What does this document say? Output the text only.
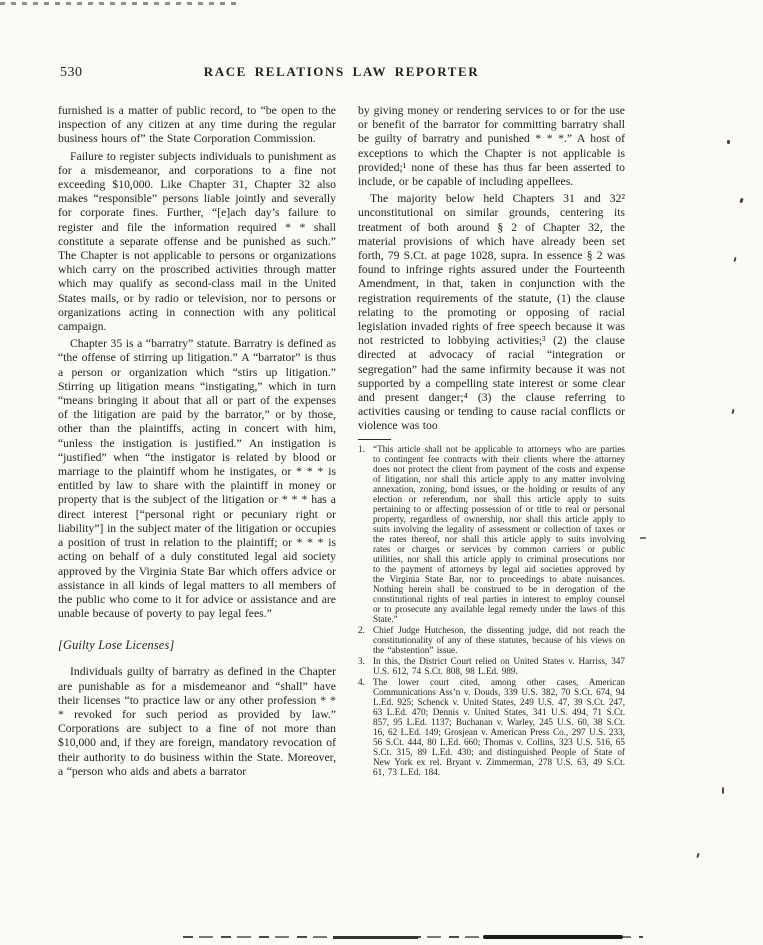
530	RACE RELATIONS LAW REPORTER

furnished is a matter of public record, to “be open to the inspection of any citizen at any time during the regular business hours of” the State Corporation Commission.

Failure to register subjects individuals to punishment as for a misdemeanor, and corporations to a fine not exceeding $10,000. Like Chapter 31, Chapter 32 also makes “responsible” persons liable jointly and severally for corporate fines. Further, “[e]ach day’s failure to register and file the information required * * shall constitute a separate offense and be punished as such.” The Chapter is not applicable to persons or organizations which carry on the proscribed activities through matter which may qualify as second-class mail in the United States mails, or by radio or television, nor to persons or organizations acting in connection with any political campaign.

Chapter 35 is a “barratry” statute. Barratry is defined as “the offense of stirring up litigation.” A “barrator” is thus a person or organization which “stirs up litigation.” Stirring up litigation means “instigating,” which in turn “means bringing it about that all or part of the expenses of the litigation are paid by the barrator,” or by those, other than the plaintiffs, acting in concert with him, “unless the instigation is justified.” An instigation is “justified” when “the instigator is related by blood or marriage to the plaintiff whom he instigates, or * * * is entitled by law to share with the plaintiff in money or property that is the subject of the litigation or * * * has a direct interest [“personal right or pecuniary right or liability”] in the subject mater of the litigation or occupies a position of trust in relation to the plaintiff; or * * * is acting on behalf of a duly constituted legal aid society approved by the Virginia State Bar which offers advice or assistance in all kinds of legal matters to all members of the public who come to it for advice or assistance and are unable because of poverty to pay legal fees.”

[Guilty Lose Licenses]

Individuals guilty of barratry as defined in the Chapter are punishable as for a misdemeanor and “shall” have their licenses “to practice law or any other profession * * * revoked for such period as provided by law.” Corporations are subject to a fine of not more than $10,000 and, if they are foreign, mandatory revocation of their authority to do business within the State. Moreover, a “person who aids and abets a barrator

by giving money or rendering services to or for the use or benefit of the barrator for committing barratry shall be guilty of barratry and punished * * *.” A host of exceptions to which the Chapter is not applicable is provided;¹ none of these has thus far been asserted to include, or be capable of including appellees.

The majority below held Chapters 31 and 32² unconstitutional on similar grounds, centering its treatment of both around § 2 of Chapter 32, the material provisions of which have already been set forth, 79 S.Ct. at page 1028, supra. In essence § 2 was found to infringe rights assured under the Fourteenth Amendment, in that, taken in conjunction with the registration requirements of the statute, (1) the clause relating to the promoting or opposing of racial legislation invaded rights of free speech because it was not restricted to lobbying activities;³ (2) the clause directed at advocacy of racial “integration or segregation” had the same infirmity because it was not supported by a compelling state interest or some clear and present danger;⁴ (3) the clause referring to activities causing or tending to cause racial conflicts or violence was too

1. “This article shall not be applicable to attorneys who are parties to contingent fee contracts with their clients where the attorney does not protect the client from payment of the costs and expense of litigation, nor shall this article apply to any matter involving annexation, zoning, bond issues, or the holding or results of any election or referendum, nor shall this article apply to suits pertaining to or affecting possession of or title to real or personal property, regardless of ownership, nor shall this article apply to suits involving the legality of assessment or collection of taxes or the rates thereof, nor shall this article apply to suits involving rates or charges or services by common carriers or public utilities, nor shall this article apply to criminal prosecutions nor to the payment of attorneys by legal aid societies approved by the Virginia State Bar, nor to proceedings to abate nuisances. Nothing herein shall be construed to be in derogation of the constitutional rights of real parties in interest to employ counsel or to prosecute any available legal remedy under the laws of this State.”
2. Chief Judge Hutcheson, the dissenting judge, did not reach the constitutionality of any of these statutes, because of his views on the “abstention” issue.
3. In this, the District Court relied on United States v. Harriss, 347 U.S. 612, 74 S.Ct. 808, 98 L.Ed. 989.
4. The lower court cited, among other cases, American Communications Ass’n v. Douds, 339 U.S. 382, 70 S.Ct. 674, 94 L.Ed. 925; Schenck v. United States, 249 U.S. 47, 39 S.Ct. 247, 63 L.Ed. 470; Dennis v. United States, 341 U.S. 494, 71 S.Ct. 857, 95 L.Ed. 1137; Buchanan v. Warley, 245 U.S. 60, 38 S.Ct. 16, 62 L.Ed. 149; Grosjean v. American Press Co., 297 U.S. 233, 56 S.Ct. 444, 80 L.Ed. 660; Thomas v. Collins, 323 U.S. 516, 65 S.Ct. 315, 89 L.Ed. 430; and distinguished People of State of New York ex rel. Bryant v. Zimmerman, 278 U.S. 63, 49 S.Ct. 61, 73 L.Ed. 184.
